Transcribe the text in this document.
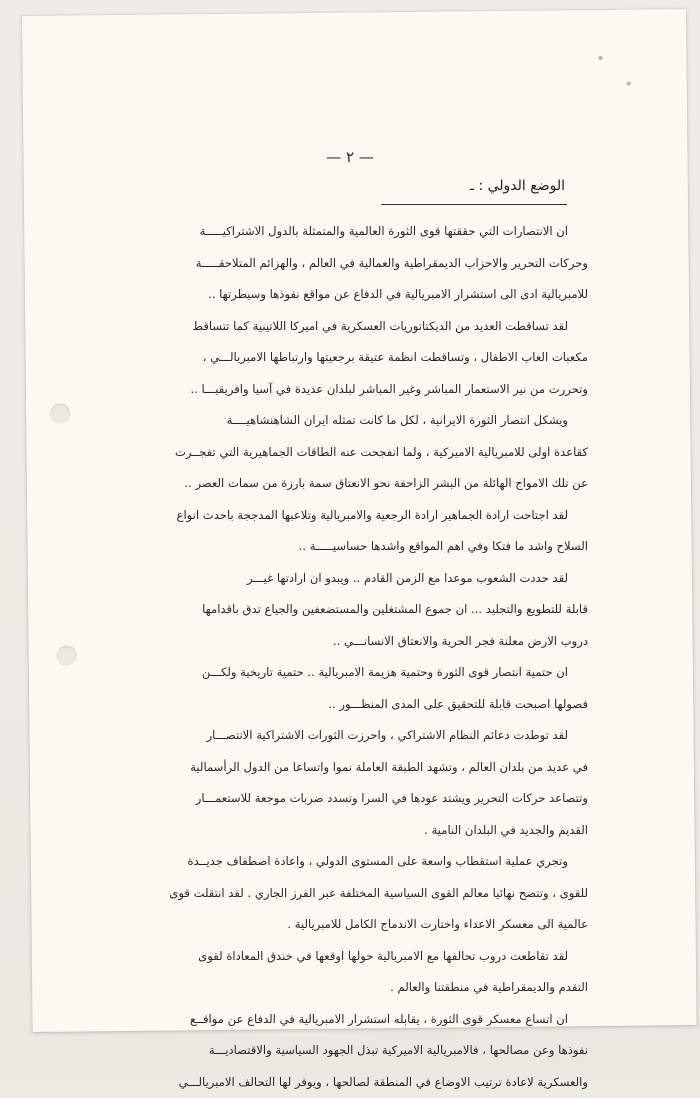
— ٢ —
الوضع الدولي : ـ
ان الانتصارات التي حققتها قوى الثورة العالمية والمتمثلة بالدول الاشتراكيـــــة
وحركات التحرير والاحزاب الديمقراطية والعمالية في العالم ، والهزائم المتلاحقـــــة
للامبريالية ادى الى استشرار الامبريالية في الدفاع عن مواقع نفوذها وسيطرتها ..
لقد تساقطت العديد من الديكتاتوريات العسكرية في اميركا اللاتينية كما تتساقط
مكعبات العاب الاطفال ، وتساقطت انظمة عتيقة برجعيتها وارتباطها الامبريالـــي ،
وتحررت من نير الاستعمار المباشر وغير المباشر لبلدان عديدة في آسيا وافريقيـــا ..
ويشكل انتصار الثورة الايرانية ، لكل ما كانت تمثله ايران الشاهنشاهيــــة
كقاعدة اولى للامبريالية الاميركية ، ولما انفجحت عنه الطاقات الجماهيرية التي تفجــرت
عن تلك الامواج الهائلة من البشر الزاحفة نحو الانعتاق سمة بارزة من سمات العصر ..
لقد اجتاحت ارادة الجماهير ارادة الرجعية والامبريالية وتلاعبها المدججة باحدث انواع
السلاح واشد ما فتكا وفي اهم المواقع واشدها حساسيـــــة ..
لقد حددت الشعوب موعدا مع الزمن القادم .. ويبدو ان ارادتها غيـــر
قابلة للتطويع والتجليد ... ان جموع المشتغلين والمستضعفين والجياع تدق باقدامها
دروب الارض معلنة فجر الحرية والانعتاق الانسانـــي ..
ان حتمية انتصار قوى الثورة وحتمية هزيمة الامبريالية .. حتمية تاريخية ولكـــن
فصولها اصبحت قابلة للتحقيق على المدى المنظـــور ..
لقد توطدت دعائم النظام الاشتراكي ، واحرزت الثورات الاشتراكية الانتصـــار
في عديد من بلدان العالم ، وتشهد الطبقة العاملة نموا واتساعا من الدول الرأسمالية
وتتصاعد حركات التحرير ويشتد عودها في السرا وتسدد ضربات موجعة للاستعمـــار
القديم والجديد في البلدان النامية .
وتجري عملية استقطاب واسعة على المستوى الدولي ، واعادة اصطفاف جديــدة
للقوى ، وتتضح نهائيا معالم القوى السياسية المختلفة عبر الفرز الجاري . لقد انتقلت قوى
عالمية الى معسكر الاعداء واختارت الاندماج الكامل للامبريالية .
لقد تقاطعت دروب تحالفها مع الامبريالية حولها اوقعها في خندق المعاداة لقوى
التقدم والديمقراطية في منطقتنا والعالم .
ان اتساع معسكر قوى الثورة ، يقابله استشرار الامبريالية في الدفاع عن مواقــع
نفوذها وعن مصالحها ، فالامبريالية الاميركية تبذل الجهود السياسية والاقتصاديـــة
والعسكرية لاعادة ترتيب الاوضاع في المنطقة لصالحها ، ويوفر لها التحالف الامبريالـــي
